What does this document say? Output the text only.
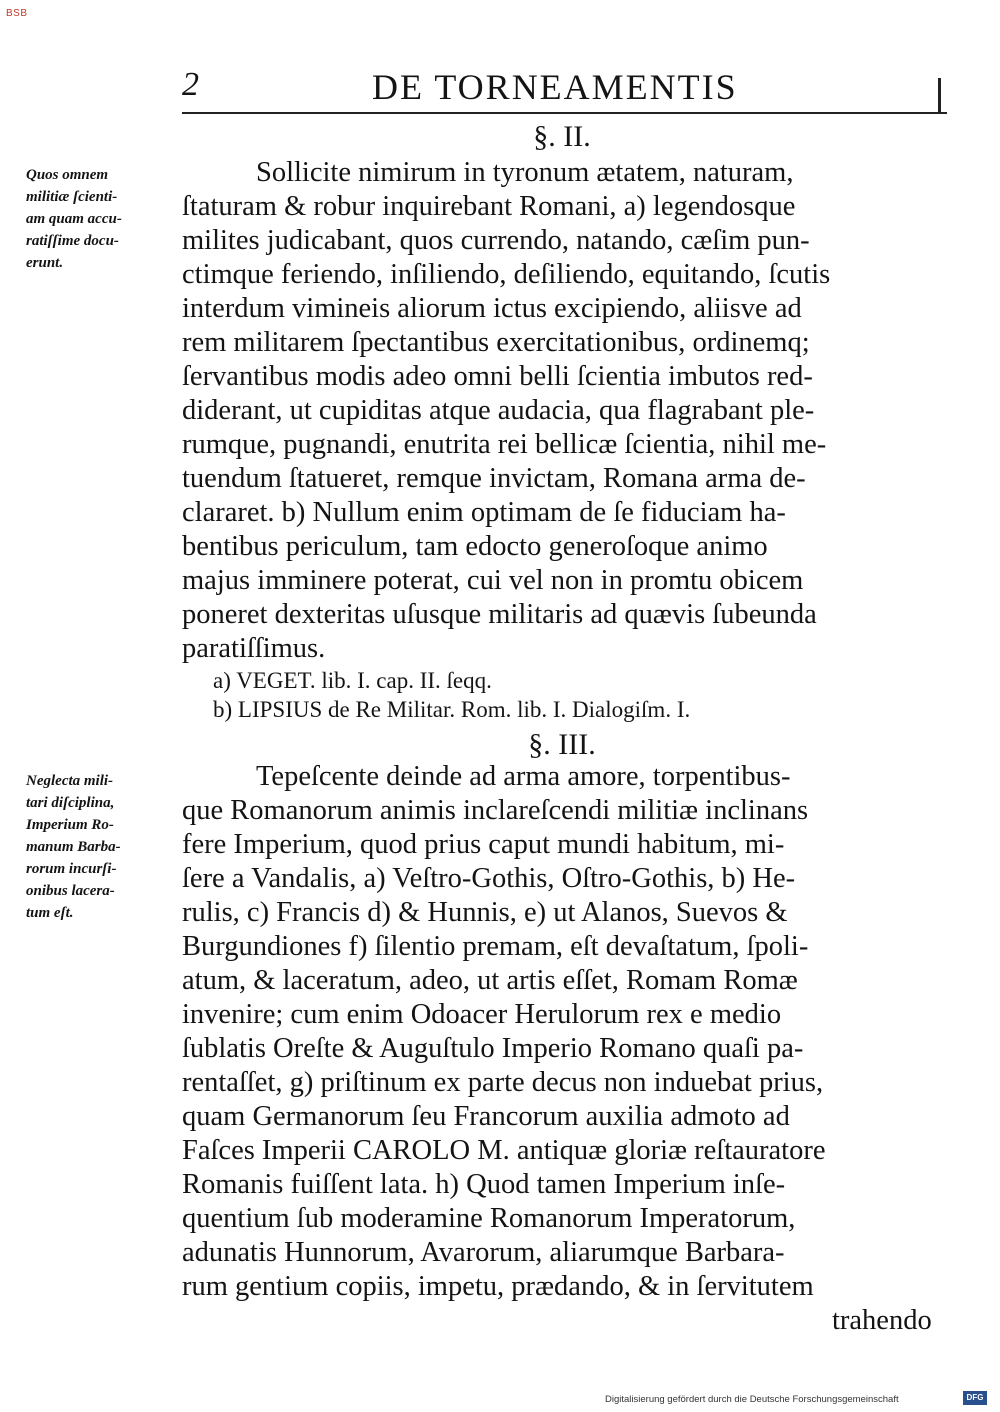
BSB
2	DE TORNEAMENTIS
§. II.
Quos omnem
militiæ ſcienti-
am quam accu-
ratiſſime docu-
erunt.
Sollicite nimirum in tyronum ætatem, naturam,
ſtaturam & robur inquirebant Romani, a) legendosque
milites judicabant, quos currendo, natando, cæſim pun-
ctimque feriendo, inſiliendo, deſiliendo, equitando, ſcutis
interdum vimineis aliorum ictus excipiendo, aliisve ad
rem militarem ſpectantibus exercitationibus, ordinemq;
ſervantibus modis adeo omni belli ſcientia imbutos red-
diderant, ut cupiditas atque audacia, qua flagrabant ple-
rumque, pugnandi, enutrita rei bellicæ ſcientia, nihil me-
tuendum ſtatueret, remque invictam, Romana arma de-
clararet. b) Nullum enim optimam de ſe fiduciam ha-
bentibus periculum, tam edocto generoſoque animo
majus imminere poterat, cui vel non in promtu obicem
poneret dexteritas uſusque militaris ad quævis ſubeunda
paratiſſimus.
a) VEGET. lib. I. cap. II. ſeqq.
b) LIPSIUS de Re Militar. Rom. lib. I. Dialogiſm. I.
§. III.
Neglecta mili-
tari diſciplina,
Imperium Ro-
manum Barba-
rorum incurſi-
onibus lacera-
tum eſt.
Tepeſcente deinde ad arma amore, torpentibus-
que Romanorum animis inclareſcendi militiæ inclinans
fere Imperium, quod prius caput mundi habitum, mi-
ſere a Vandalis, a) Veſtro-Gothis, Oſtro-Gothis, b) He-
rulis, c) Francis d) & Hunnis, e) ut Alanos, Suevos &
Burgundiones f) ſilentio premam, eſt devaſtatum, ſpoli-
atum, & laceratum, adeo, ut artis eſſet, Romam Romæ
invenire; cum enim Odoacer Herulorum rex e medio
ſublatis Oreſte & Auguſtulo Imperio Romano quaſi pa-
rentaſſet, g) priſtinum ex parte decus non induebat prius,
quam Germanorum ſeu Francorum auxilia admoto ad
Faſces Imperii CAROLO M. antiquæ gloriæ reſtauratore
Romanis fuiſſent lata. h) Quod tamen Imperium inſe-
quentium ſub moderamine Romanorum Imperatorum,
adunatis Hunnorum, Avarorum, aliarumque Barbara-
rum gentium copiis, impetu, prædando, & in ſervitutem
trahendo
Digitalisierung gefördert durch die Deutsche Forschungsgemeinschaft	DFG
